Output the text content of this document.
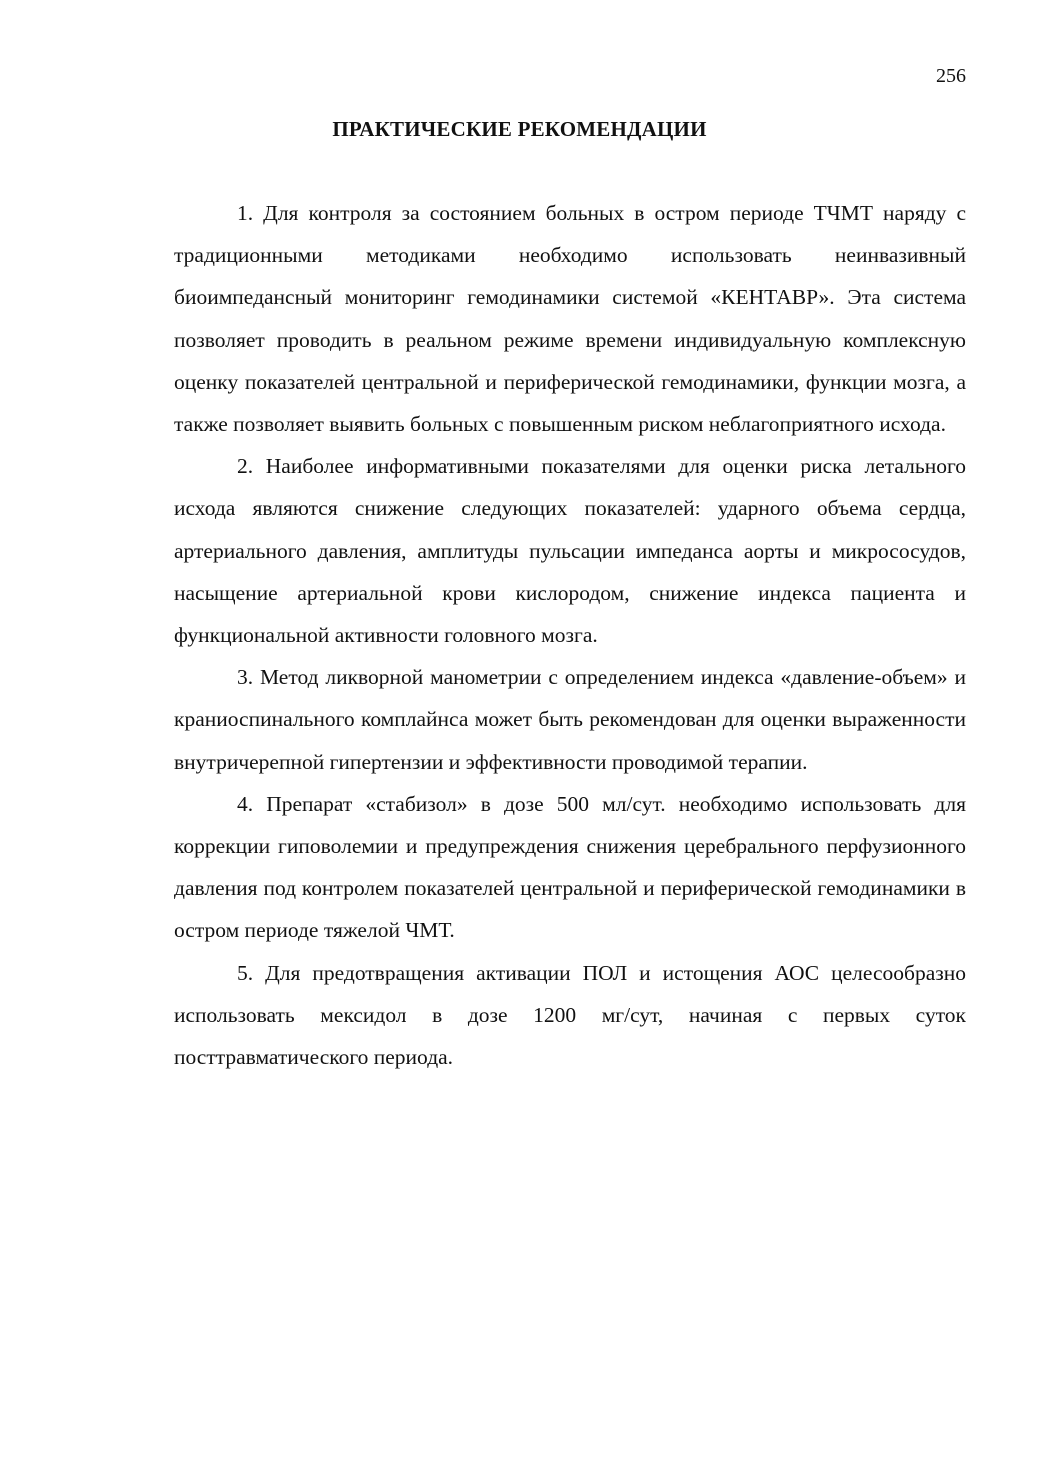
256
ПРАКТИЧЕСКИЕ РЕКОМЕНДАЦИИ

1. Для контроля за состоянием больных в остром периоде ТЧМТ наряду с традиционными методиками необходимо использовать неинвазивный биоимпедансный мониторинг гемодинамики системой «КЕНТАВР». Эта система позволяет проводить в реальном режиме времени индивидуальную комплексную оценку показателей центральной и периферической гемодинамики, функции мозга, а также позволяет выявить больных с повышенным риском неблагоприятного исхода.

2. Наиболее информативными показателями для оценки риска летального исхода являются снижение следующих показателей: ударного объема сердца, артериального давления, амплитуды пульсации импеданса аорты и микрососудов, насыщение артериальной крови кислородом, снижение индекса пациента и функциональной активности головного мозга.

3. Метод ликворной манометрии с определением индекса «давление-объем» и краниоспинального комплайнса может быть рекомендован для оценки выраженности внутричерепной гипертензии и эффективности проводимой терапии.

4. Препарат «стабизол» в дозе 500 мл/сут. необходимо использовать для коррекции гиповолемии и предупреждения снижения церебрального перфузионного давления под контролем показателей центральной и периферической гемодинамики в остром периоде тяжелой ЧМТ.

5. Для предотвращения активации ПОЛ и истощения АОС целесообразно использовать мексидол в дозе 1200 мг/сут, начиная с первых суток посттравматического периода.
